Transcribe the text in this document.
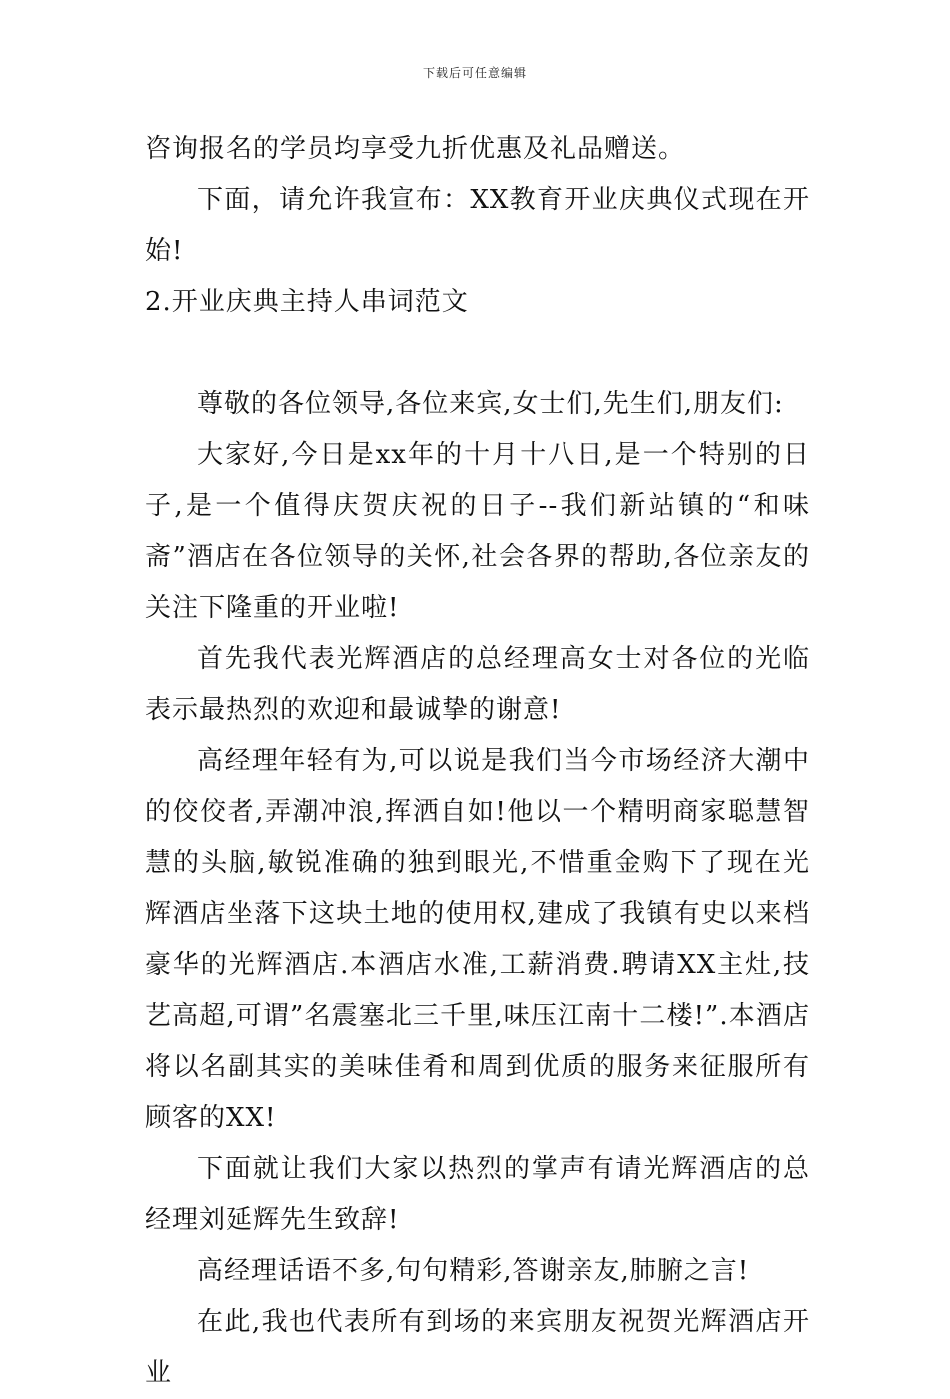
下载后可任意编辑

咨询报名的学员均享受九折优惠及礼品赠送。

下面，请允许我宣布：XX教育开业庆典仪式现在开始!

2.开业庆典主持人串词范文

尊敬的各位领导,各位来宾,女士们,先生们,朋友们:

大家好,今日是xx年的十月十八日,是一个特别的日子,是一个值得庆贺庆祝的日子--我们新站镇的“和味斋”酒店在各位领导的关怀,社会各界的帮助,各位亲友的关注下隆重的开业啦!

首先我代表光辉酒店的总经理高女士对各位的光临表示最热烈的欢迎和最诚挚的谢意!

高经理年轻有为,可以说是我们当今市场经济大潮中的佼佼者,弄潮冲浪,挥洒自如!他以一个精明商家聪慧智慧的头脑,敏锐准确的独到眼光,不惜重金购下了现在光辉酒店坐落下这块土地的使用权,建成了我镇有史以来档豪华的光辉酒店.本酒店水准,工薪消费.聘请XX主灶,技艺高超,可谓”名震塞北三千里,味压江南十二楼!”.本酒店将以名副其实的美味佳肴和周到优质的服务来征服所有顾客的XX!

下面就让我们大家以热烈的掌声有请光辉酒店的总经理刘延辉先生致辞!

高经理话语不多,句句精彩,答谢亲友,肺腑之言!

在此,我也代表所有到场的来宾朋友祝贺光辉酒店开业
